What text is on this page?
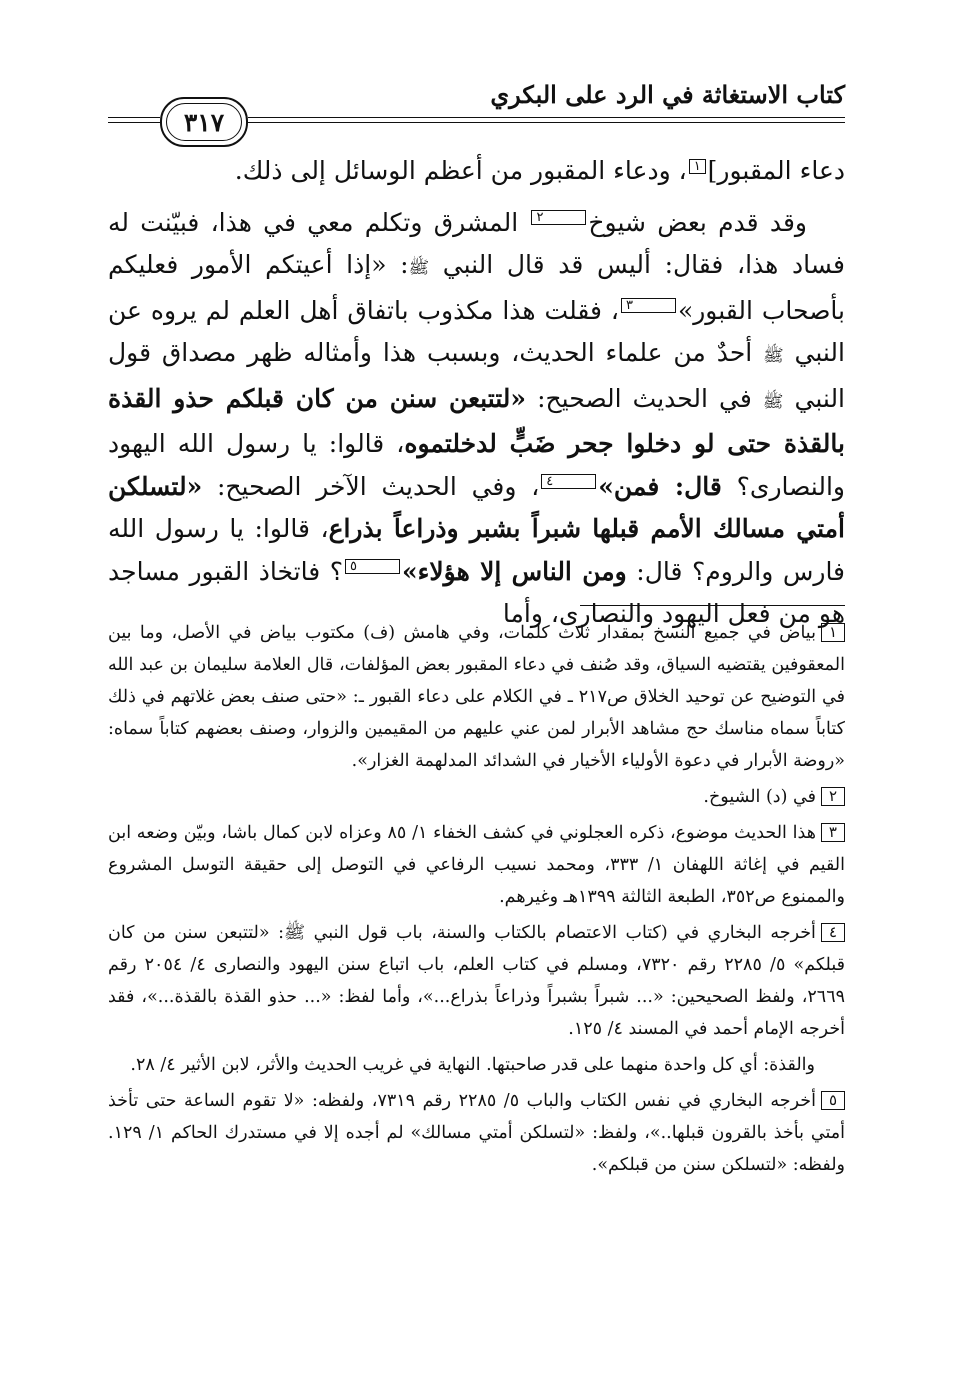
كتاب الاستغاثة في الرد على البكري
٣١٧

دعاء المقبور]١، ودعاء المقبور من أعظم الوسائل إلى ذلك.

وقد قدم بعض شيوخ٢ المشرق وتكلم معي في هذا، فبيّنت له فساد هذا، فقال: أليس قد قال النبي ﷺ: «إذا أعيتكم الأمور فعليكم بأصحاب القبور»٣، فقلت هذا مكذوب باتفاق أهل العلم لم يروه عن النبي ﷺ أحدٌ من علماء الحديث، وبسبب هذا وأمثاله ظهر مصداق قول النبي ﷺ في الحديث الصحيح: «لتتبعن سنن من كان قبلكم حذو القذة بالقذة حتى لو دخلوا جحر ضَبٍّ لدخلتموه، قالوا: يا رسول الله اليهود والنصارى؟ قال: فمن»٤، وفي الحديث الآخر الصحيح: «لتسلكن أمتي مسالك الأمم قبلها شبراً بشبر وذراعاً بذراع، قالوا: يا رسول الله فارس والروم؟ قال: ومن الناس إلا هؤلاء»٥؟ فاتخاذ القبور مساجد هو من فعل اليهود والنصارى، وأما

١بياض في جميع النسخ بمقدار ثلاث كلمات، وفي هامش (ف) مكتوب بياض في الأصل، وما بين المعقوفين يقتضيه السياق، وقد صُنف في دعاء المقبور بعض المؤلفات، قال العلامة سليمان بن عبد الله في التوضيح عن توحيد الخلاق ص٢١٧ ـ في الكلام على دعاء القبور ـ: «حتى صنف بعض غلاتهم في ذلك كتاباً سماه مناسك حج مشاهد الأبرار لمن عني عليهم من المقيمين والزوار، وصنف بعضهم كتاباً سماه: «روضة الأبرار في دعوة الأولياء الأخيار في الشدائد المدلهمة الغزار».

٢في (د) الشيوخ.

٣هذا الحديث موضوع، ذكره العجلوني في كشف الخفاء ١/ ٨٥ وعزاه لابن كمال باشا، وبيّن وضعه ابن القيم في إغاثة اللهفان ١/ ٣٣٣، ومحمد نسيب الرفاعي في التوصل إلى حقيقة التوسل المشروع والممنوع ص٣٥٢، الطبعة الثالثة ١٣٩٩هـ وغيرهم.

٤أخرجه البخاري في (كتاب الاعتصام بالكتاب والسنة، باب قول النبي ﷺ: «لتتبعن سنن من كان قبلكم» ٥/ ٢٢٨٥ رقم ٧٣٢٠، ومسلم في كتاب العلم، باب اتباع سنن اليهود والنصارى ٤/ ٢٠٥٤ رقم ٢٦٦٩، ولفظ الصحيحين: «... شبراً بشبراً وذراعاً بذراع...»، وأما لفظ: «... حذو القذة بالقذة...»، فقد أخرجه الإمام أحمد في المسند ٤/ ١٢٥.

والقذة: أي كل واحدة منهما على قدر صاحبتها. النهاية في غريب الحديث والأثر، لابن الأثير ٤/ ٢٨.

٥أخرجه البخاري في نفس الكتاب والباب ٥/ ٢٢٨٥ رقم ٧٣١٩، ولفظه: «لا تقوم الساعة حتى تأخذ أمتي بأخذ بالقرون قبلها..»، ولفظ: «لتسلكن أمتي مسالك» لم أجده إلا في مستدرك الحاكم ١/ ١٢٩. ولفظه: «لتسلكن سنن من قبلكم».
